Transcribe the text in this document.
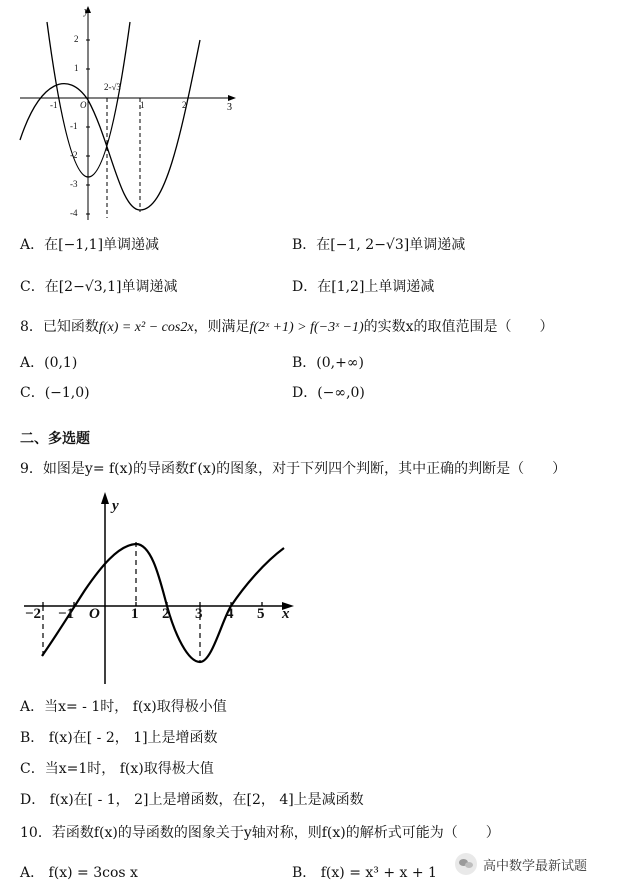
y
3
2
1
-1
-2
-3
-4
-1	O	1	2
2-√3
A．在[−1,1]单调递减	B．在[−1, 2−√3]单调递减
C．在[2−√3,1]单调递减	D．在[1,2]上单调递减
8．已知函数f(x) = x² − cos2x，则满足f(2ˣ +1) > f(−3ˣ −1)的实数x的取值范围是（　　）
A．(0,1)	B．(0,+∞)
C．(−1,0)	D．(−∞,0)
二、多选题
9．如图是y= f(x)的导函数f′(x)的图象，对于下列四个判断，其中正确的判断是（　　）
y
x
O
−2 −1	1 2 3 4 5
A．当x= - 1时， f(x)取得极小值
B． f(x)在[ - 2， 1]上是增函数
C．当x=1时， f(x)取得极大值
D． f(x)在[ - 1， 2]上是增函数，在[2， 4]上是减函数
10．若函数f(x)的导函数的图象关于y轴对称，则f(x)的解析式可能为（　　）
A． f(x) = 3cos x	B． f(x) = x³ + x + 1	高中数学最新试题
